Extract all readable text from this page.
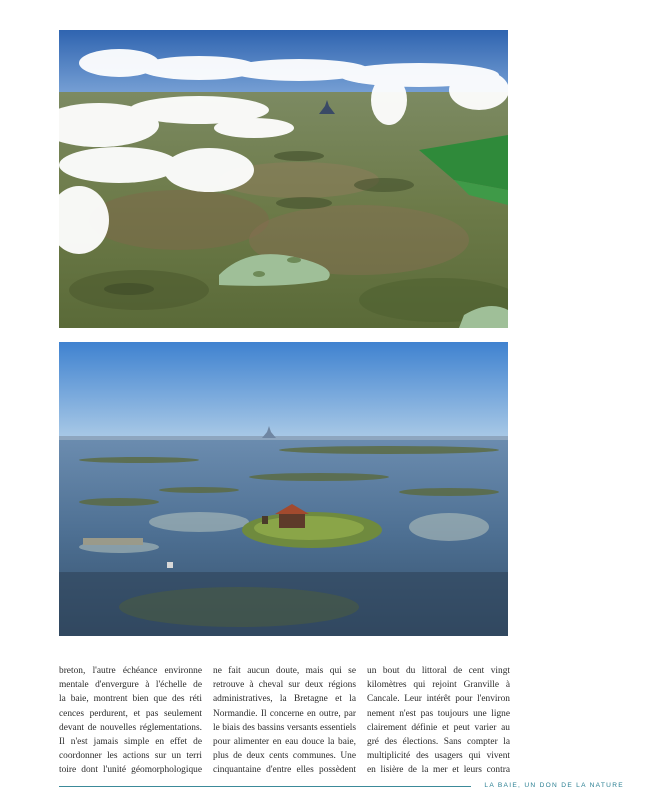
breton, l'autre échéance environne
mentale d'envergure à l'échelle de
la baie, montrent bien que des réti
cences perdurent, et pas seulement
devant de nouvelles réglementations.
Il n'est jamais simple en effet de
coordonner les actions sur un terri
toire dont l'unité géomorphologique

ne fait aucun doute, mais qui se
retrouve à cheval sur deux régions
administratives, la Bretagne et la
Normandie. Il concerne en outre, par
le biais des bassins versants essentiels
pour alimenter en eau douce la baie,
plus de deux cents communes. Une
cinquantaine d'entre elles possèdent

un bout du littoral de cent vingt
kilomètres qui rejoint Granville à
Cancale. Leur intérêt pour l'environ
nement n'est pas toujours une ligne
clairement définie et peut varier au
gré des élections. Sans compter la
multiplicité des usagers qui vivent
en lisière de la mer et leurs contra

LA BAIE, UN DON DE LA NATURE
